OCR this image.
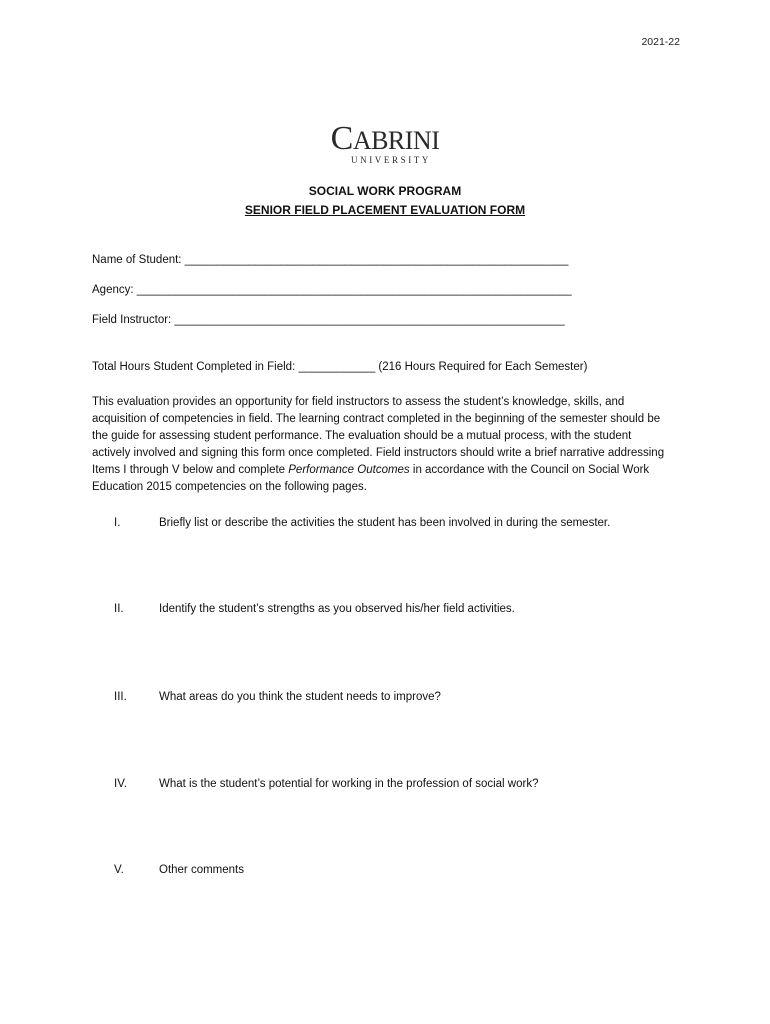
2021-22
CABRINI
UNIVERSITY
SOCIAL WORK PROGRAM
SENIOR FIELD PLACEMENT EVALUATION FORM
Name of Student: ____________________________________________________________
Agency: ____________________________________________________________________
Field Instructor: _____________________________________________________________
Total Hours Student Completed in Field: ____________ (216 Hours Required for Each Semester)
This evaluation provides an opportunity for field instructors to assess the student’s knowledge, skills, and acquisition of competencies in field. The learning contract completed in the beginning of the semester should be the guide for assessing student performance. The evaluation should be a mutual process, with the student actively involved and signing this form once completed. Field instructors should write a brief narrative addressing Items I through V below and complete Performance Outcomes in accordance with the Council on Social Work Education 2015 competencies on the following pages.
I.	Briefly list or describe the activities the student has been involved in during the semester.
II.	Identify the student’s strengths as you observed his/her field activities.
III.	What areas do you think the student needs to improve?
IV.	What is the student’s potential for working in the profession of social work?
V.	Other comments
